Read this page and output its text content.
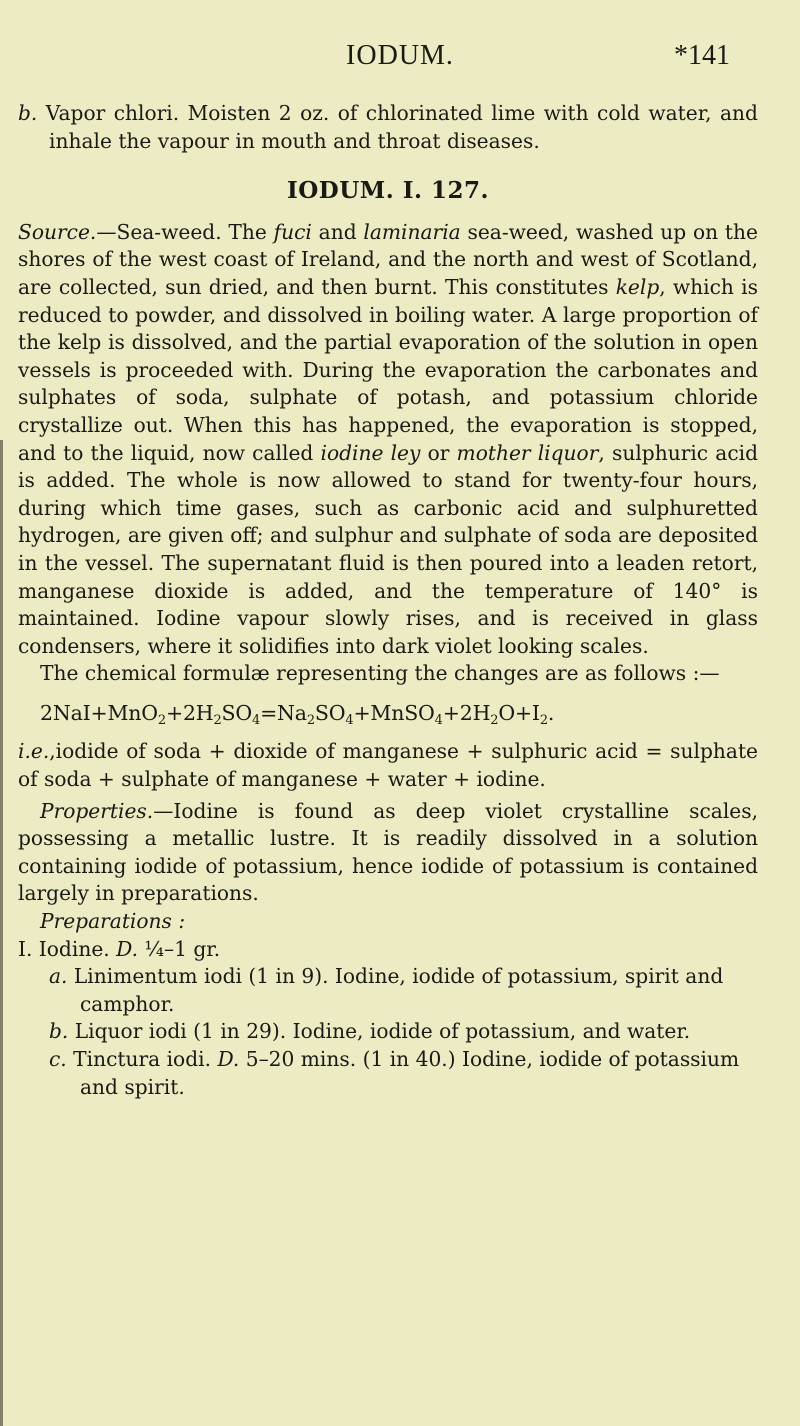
IODUM.	*141

b. Vapor chlori. Moisten 2 oz. of chlorinated lime with cold water, and inhale the vapour in mouth and throat diseases.

IODUM. I. 127.

Source.—Sea-weed. The fuci and laminaria sea-weed, washed up on the shores of the west coast of Ireland, and the north and west of Scotland, are collected, sun dried, and then burnt. This constitutes kelp, which is reduced to powder, and dissolved in boiling water. A large proportion of the kelp is dissolved, and the partial evaporation of the solution in open vessels is proceeded with. During the evaporation the carbonates and sulphates of soda, sulphate of potash, and potassium chloride crystallize out. When this has happened, the evaporation is stopped, and to the liquid, now called iodine ley or mother liquor, sulphuric acid is added. The whole is now allowed to stand for twenty-four hours, during which time gases, such as carbonic acid and sulphuretted hydrogen, are given off; and sulphur and sulphate of soda are deposited in the vessel. The supernatant fluid is then poured into a leaden retort, manganese dioxide is added, and the temperature of 140° is maintained. Iodine vapour slowly rises, and is received in glass condensers, where it solidifies into dark violet looking scales.

The chemical formulæ representing the changes are as follows :—

2NaI+MnO2+2H2SO4=Na2SO4+MnSO4+2H2O+I2.

i.e.,iodide of soda + dioxide of manganese + sulphuric acid = sulphate of soda + sulphate of manganese + water + iodine.

Properties.—Iodine is found as deep violet crystalline scales, possessing a metallic lustre. It is readily dissolved in a solution containing iodide of potassium, hence iodide of potassium is contained largely in preparations.

Preparations :

I. Iodine. D. ¼–1 gr.

a. Linimentum iodi (1 in 9). Iodine, iodide of potassium, spirit and camphor.

b. Liquor iodi (1 in 29). Iodine, iodide of potassium, and water.

c. Tinctura iodi. D. 5–20 mins. (1 in 40.) Iodine, iodide of potassium and spirit.
